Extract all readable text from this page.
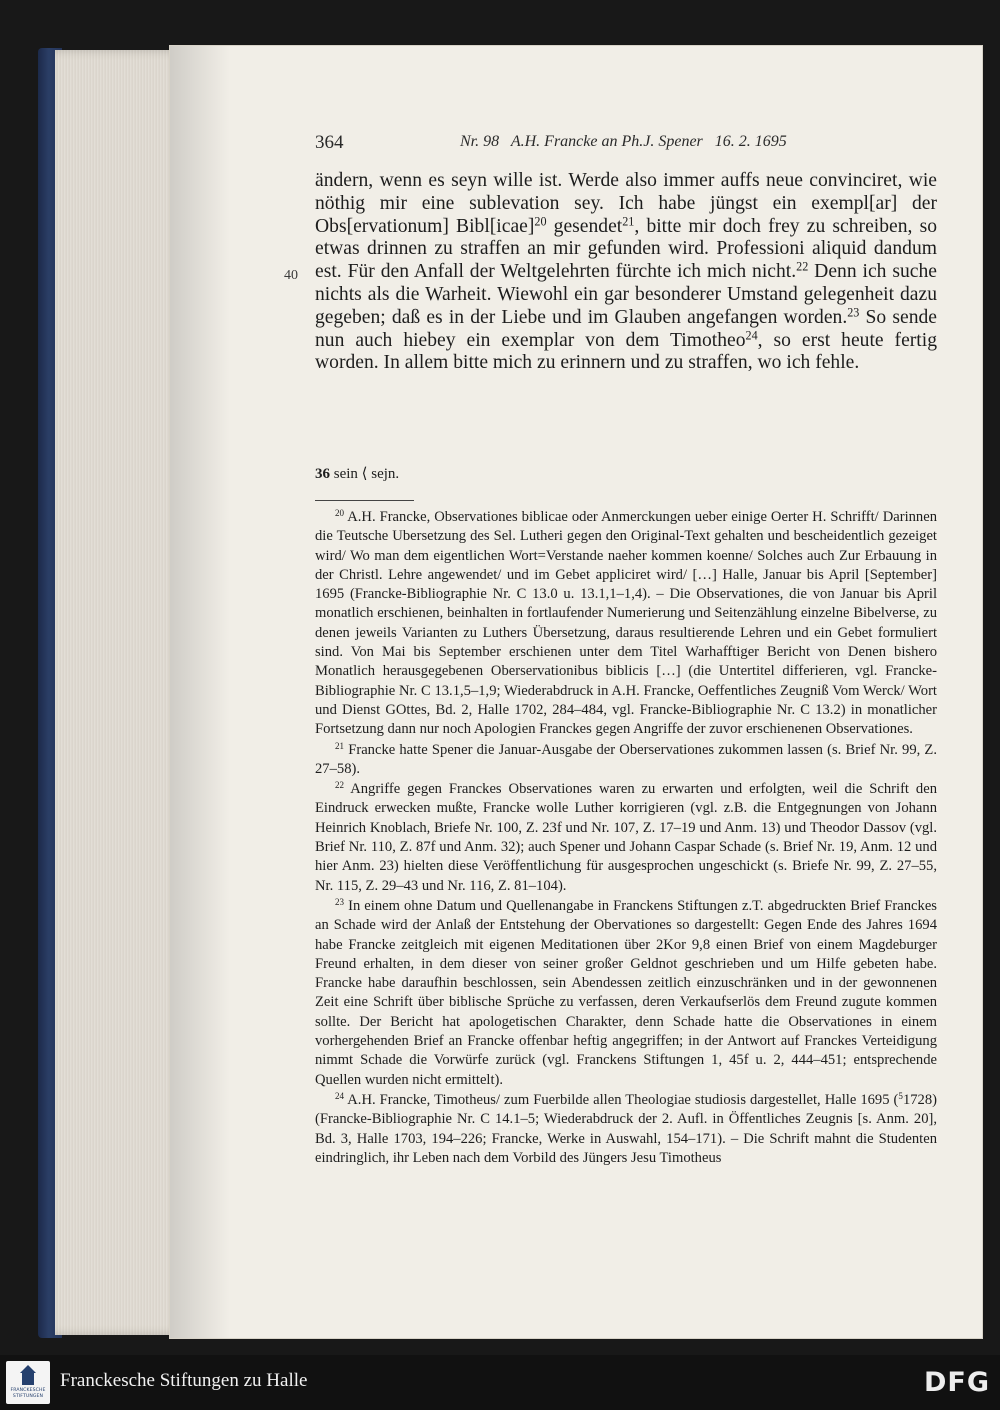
364	Nr. 98   A.H. Francke an Ph.J. Spener   16. 2. 1695
40

ändern, wenn es seyn wille ist. Werde also immer auffs neue convinciret, wie nöthig mir eine sublevation sey. Ich habe jüngst ein exempl[ar] der Obs[ervationum] Bibl[icae]$^{20}$ gesendet$^{21}$, bitte mir doch frey zu schreiben, so etwas drinnen zu straffen an mir gefunden wird. Professioni aliquid dandum est. Für den Anfall der Weltgelehrten fürchte ich mich nicht.$^{22}$ Denn ich suche nichts als die Warheit. Wiewohl ein gar besonderer Umstand gelegenheit dazu gegeben; daß es in der Liebe und im Glauben angefangen worden.$^{23}$ So sende nun auch hiebey ein exemplar von dem Timotheo$^{24}$, so erst heute fertig worden. In allem bitte mich zu erinnern und zu straffen, wo ich fehle.

36 sein ⟨ sejn.

$^{20}$ A.H. Francke, Observationes biblicae oder Anmerckungen ueber einige Oerter H. Schrifft/ Darinnen die Teutsche Ubersetzung des Sel. Lutheri gegen den Original-Text gehalten und bescheidentlich gezeiget wird/ Wo man dem eigentlichen Wort=Verstande naeher kommen koenne/ Solches auch Zur Erbauung in der Christl. Lehre angewendet/ und im Gebet appliciret wird/ […] Halle, Januar bis April [September] 1695 (Francke-Bibliographie Nr. C 13.0 u. 13.1,1–1,4). – Die Observationes, die von Januar bis April monatlich erschienen, beinhalten in fortlaufender Numerierung und Seitenzählung einzelne Bibelverse, zu denen jeweils Varianten zu Luthers Übersetzung, daraus resultierende Lehren und ein Gebet formuliert sind. Von Mai bis September erschienen unter dem Titel Warhafftiger Bericht von Denen bishero Monatlich herausgegebenen Oberservationibus biblicis […] (die Untertitel differieren, vgl. Francke-Bibliographie Nr. C 13.1,5–1,9; Wiederabdruck in A.H. Francke, Oeffentliches Zeugniß Vom Werck/ Wort und Dienst GOttes, Bd. 2, Halle 1702, 284–484, vgl. Francke-Bibliographie Nr. C 13.2) in monatlicher Fortsetzung dann nur noch Apologien Franckes gegen Angriffe der zuvor erschienenen Observationes.

$^{21}$ Francke hatte Spener die Januar-Ausgabe der Oberservationes zukommen lassen (s. Brief Nr. 99, Z. 27–58).

$^{22}$ Angriffe gegen Franckes Observationes waren zu erwarten und erfolgten, weil die Schrift den Eindruck erwecken mußte, Francke wolle Luther korrigieren (vgl. z.B. die Entgegnungen von Johann Heinrich Knoblach, Briefe Nr. 100, Z. 23f und Nr. 107, Z. 17–19 und Anm. 13) und Theodor Dassov (vgl. Brief Nr. 110, Z. 87f und Anm. 32); auch Spener und Johann Caspar Schade (s. Brief Nr. 19, Anm. 12 und hier Anm. 23) hielten diese Veröffentlichung für ausgesprochen ungeschickt (s. Briefe Nr. 99, Z. 27–55, Nr. 115, Z. 29–43 und Nr. 116, Z. 81–104).

$^{23}$ In einem ohne Datum und Quellenangabe in Franckens Stiftungen z.T. abgedruckten Brief Franckes an Schade wird der Anlaß der Entstehung der Obervationes so dargestellt: Gegen Ende des Jahres 1694 habe Francke zeitgleich mit eigenen Meditationen über 2Kor 9,8 einen Brief von einem Magdeburger Freund erhalten, in dem dieser von seiner großer Geldnot geschrieben und um Hilfe gebeten habe. Francke habe daraufhin beschlossen, sein Abendessen zeitlich einzuschränken und in der gewonnenen Zeit eine Schrift über biblische Sprüche zu verfassen, deren Verkaufserlös dem Freund zugute kommen sollte. Der Bericht hat apologetischen Charakter, denn Schade hatte die Observationes in einem vorhergehenden Brief an Francke offenbar heftig angegriffen; in der Antwort auf Franckes Verteidigung nimmt Schade die Vorwürfe zurück (vgl. Franckens Stiftungen 1, 45f u. 2, 444–451; entsprechende Quellen wurden nicht ermittelt).

$^{24}$ A.H. Francke, Timotheus/ zum Fuerbilde allen Theologiae studiosis dargestellet, Halle 1695 ($^5$1728) (Francke-Bibliographie Nr. C 14.1–5; Wiederabdruck der 2. Aufl. in Öffentliches Zeugnis [s. Anm. 20], Bd. 3, Halle 1703, 194–226; Francke, Werke in Auswahl, 154–171). – Die Schrift mahnt die Studenten eindringlich, ihr Leben nach dem Vorbild des Jüngers Jesu Timotheus

FRANCKESCHE
STIFTUNGEN
Franckesche Stiftungen zu Halle	DFG
